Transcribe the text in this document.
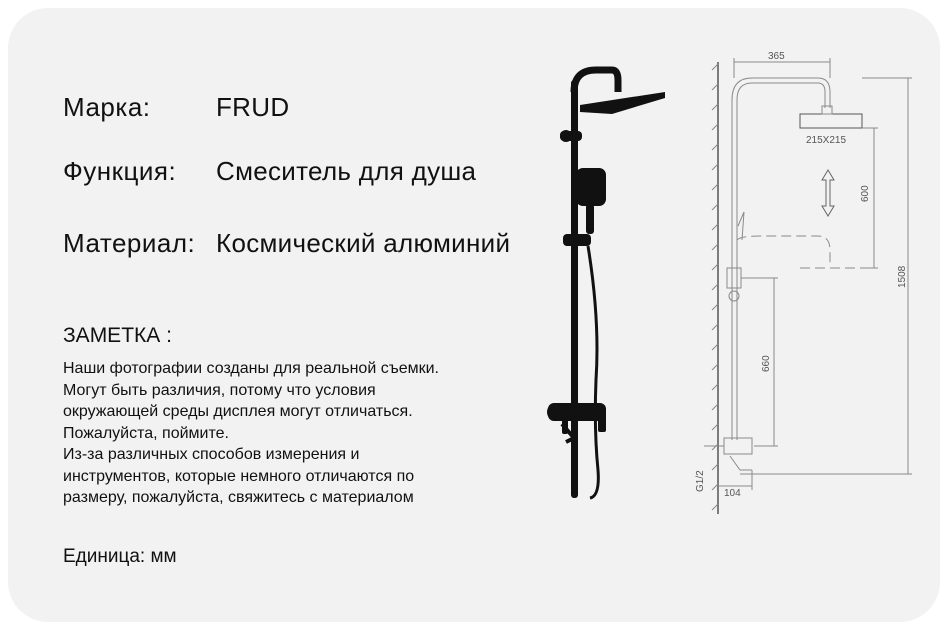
Марка:	FRUD
Функция: Смеситель для душа
Материал: Космический алюминий
ЗАМЕТКА :
Наши фотографии созданы для реальной съемки.
Могут быть различия, потому что условия
окружающей среды дисплея могут отличаться.
Пожалуйста, поймите.
Из-за различных способов измерения и
инструментов, которые немного отличаются по
размеру, пожалуйста, свяжитесь с материалом
Единица: мм
365
215X215
600
1508
660
G1/2
104
